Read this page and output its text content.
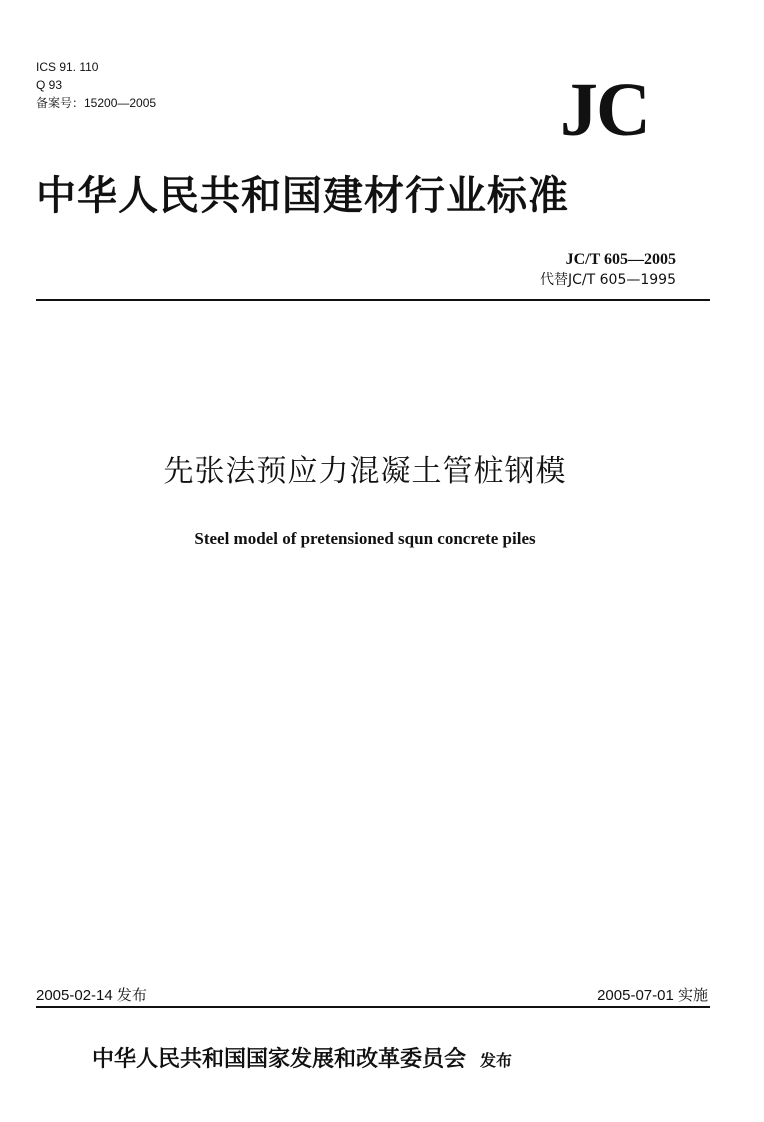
ICS 91. 110
Q 93
备案号：15200—2005	JC
中华人民共和国建材行业标准
JC/T 605—2005
代替JC/T 605—1995
先张法预应力混凝土管桩钢模
Steel model of pretensioned squn concrete piles
2005-02-14 发布	2005-07-01 实施
中华人民共和国国家发展和改革委员会 发布
